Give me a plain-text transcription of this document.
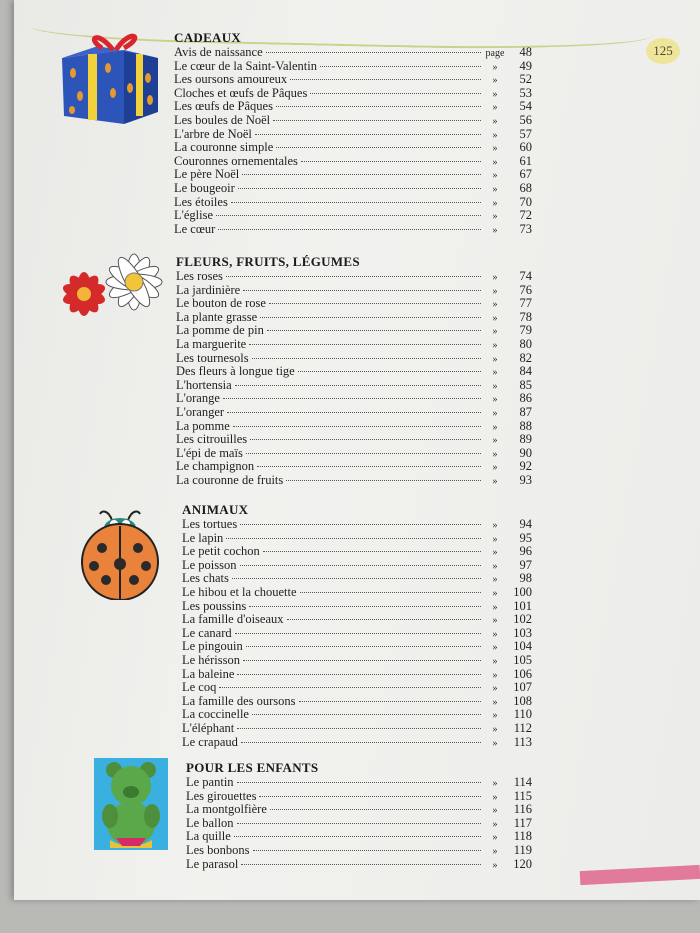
125
CADEAUX
Avis de naissance	page	48
Le cœur de la Saint-Valentin	»	49
Les oursons amoureux	»	52
Cloches et œufs de Pâques	»	53
Les œufs de Pâques	»	54
Les boules de Noël	»	56
L'arbre de Noël	»	57
La couronne simple	»	60
Couronnes ornementales	»	61
Le père Noël	»	67
Le bougeoir	»	68
Les étoiles	»	70
L'église	»	72
Le cœur	»	73
FLEURS, FRUITS, LÉGUMES
Les roses	»	74
La jardinière	»	76
Le bouton de rose	»	77
La plante grasse	»	78
La pomme de pin	»	79
La marguerite	»	80
Les tournesols	»	82
Des fleurs à longue tige	»	84
L'hortensia	»	85
L'orange	»	86
L'oranger	»	87
La pomme	»	88
Les citrouilles	»	89
L'épi de maïs	»	90
Le champignon	»	92
La couronne de fruits	»	93
ANIMAUX
Les tortues	»	94
Le lapin	»	95
Le petit cochon	»	96
Le poisson	»	97
Les chats	»	98
Le hibou et la chouette	»	100
Les poussins	»	101
La famille d'oiseaux	»	102
Le canard	»	103
Le pingouin	»	104
Le hérisson	»	105
La baleine	»	106
Le coq	»	107
La famille des oursons	»	108
La coccinelle	»	110
L'éléphant	»	112
Le crapaud	»	113
POUR LES ENFANTS
Le pantin	»	114
Les girouettes	»	115
La montgolfière	»	116
Le ballon	»	117
La quille	»	118
Les bonbons	»	119
Le parasol	»	120
